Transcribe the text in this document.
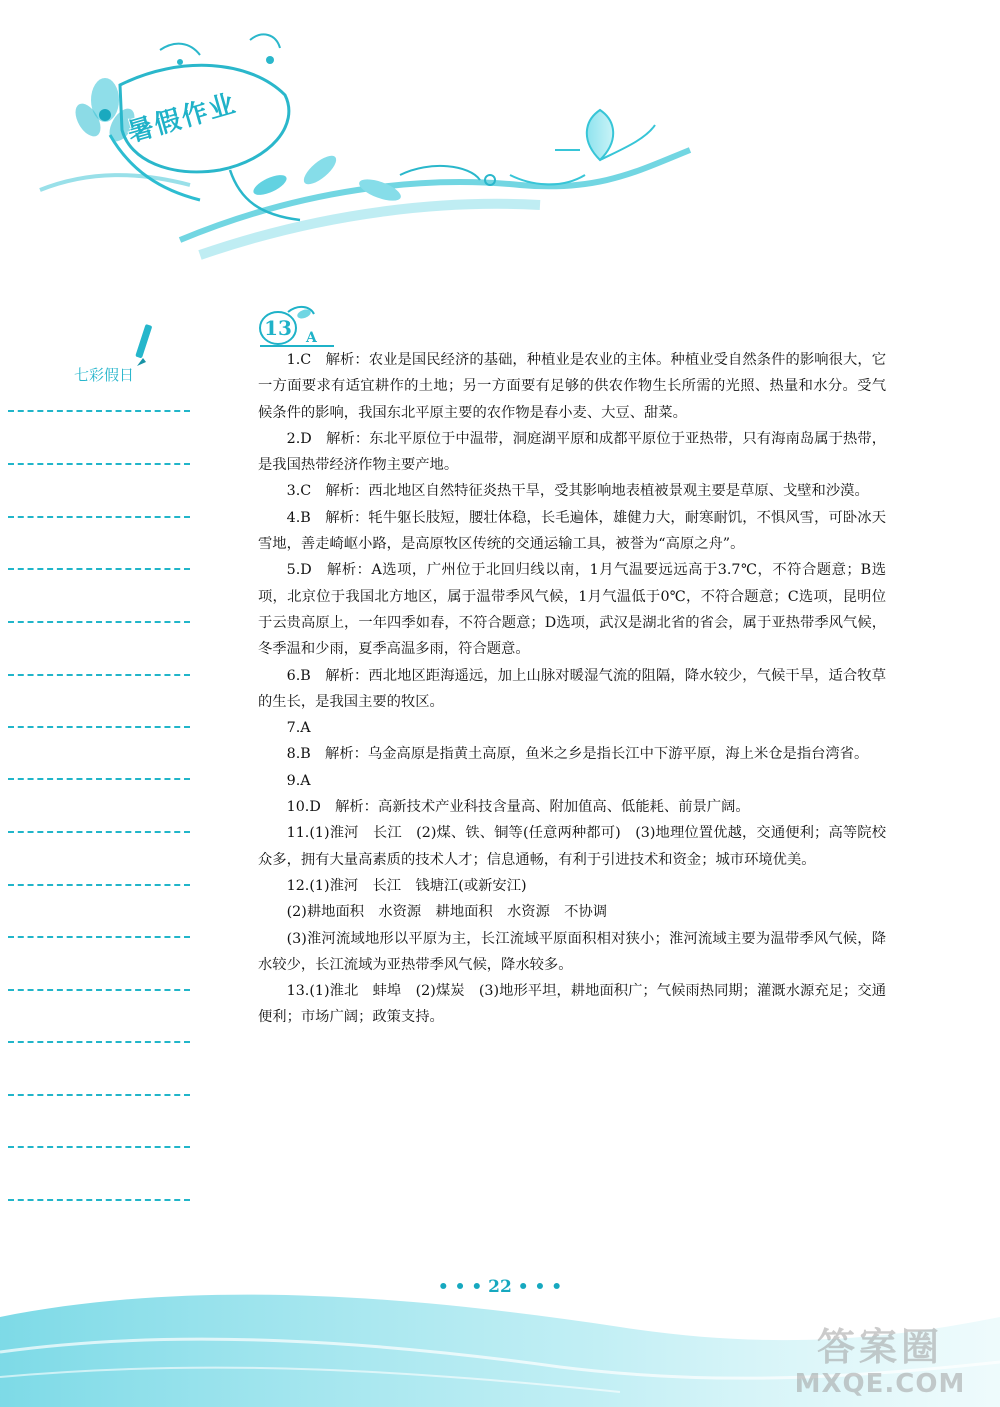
暑假作业
七彩假日
13 A

1.C　解析：农业是国民经济的基础，种植业是农业的主体。种植业受自然条件的影响很大，它一方面要求有适宜耕作的土地；另一方面要有足够的供农作物生长所需的光照、热量和水分。受气候条件的影响，我国东北平原主要的农作物是春小麦、大豆、甜菜。

2.D　解析：东北平原位于中温带，洞庭湖平原和成都平原位于亚热带，只有海南岛属于热带，是我国热带经济作物主要产地。

3.C　解析：西北地区自然特征炎热干旱，受其影响地表植被景观主要是草原、戈壁和沙漠。

4.B　解析：牦牛躯长肢短，腰壮体稳，长毛遍体，雄健力大，耐寒耐饥，不惧风雪，可卧冰天雪地，善走崎岖小路，是高原牧区传统的交通运输工具，被誉为“高原之舟”。

5.D　解析：A选项，广州位于北回归线以南，1月气温要远远高于3.7℃，不符合题意；B选项，北京位于我国北方地区，属于温带季风气候，1月气温低于0℃，不符合题意；C选项，昆明位于云贵高原上，一年四季如春，不符合题意；D选项，武汉是湖北省的省会，属于亚热带季风气候，冬季温和少雨，夏季高温多雨，符合题意。

6.B　解析：西北地区距海遥远，加上山脉对暖湿气流的阻隔，降水较少，气候干旱，适合牧草的生长，是我国主要的牧区。

7.A

8.B　解析：乌金高原是指黄土高原，鱼米之乡是指长江中下游平原，海上米仓是指台湾省。

9.A

10.D　解析：高新技术产业科技含量高、附加值高、低能耗、前景广阔。

11.(1)淮河　长江　(2)煤、铁、铜等(任意两种都可)　(3)地理位置优越，交通便利；高等院校众多，拥有大量高素质的技术人才；信息通畅，有利于引进技术和资金；城市环境优美。

12.(1)淮河　长江　钱塘江(或新安江)

(2)耕地面积　水资源　耕地面积　水资源　不协调

(3)淮河流域地形以平原为主，长江流域平原面积相对狭小；淮河流域主要为温带季风气候，降水较少，长江流域为亚热带季风气候，降水较多。

13.(1)淮北　蚌埠　(2)煤炭　(3)地形平坦，耕地面积广；气候雨热同期；灌溉水源充足；交通便利；市场广阔；政策支持。

• • • 22 • • •
答案圈
MXQE.COM
